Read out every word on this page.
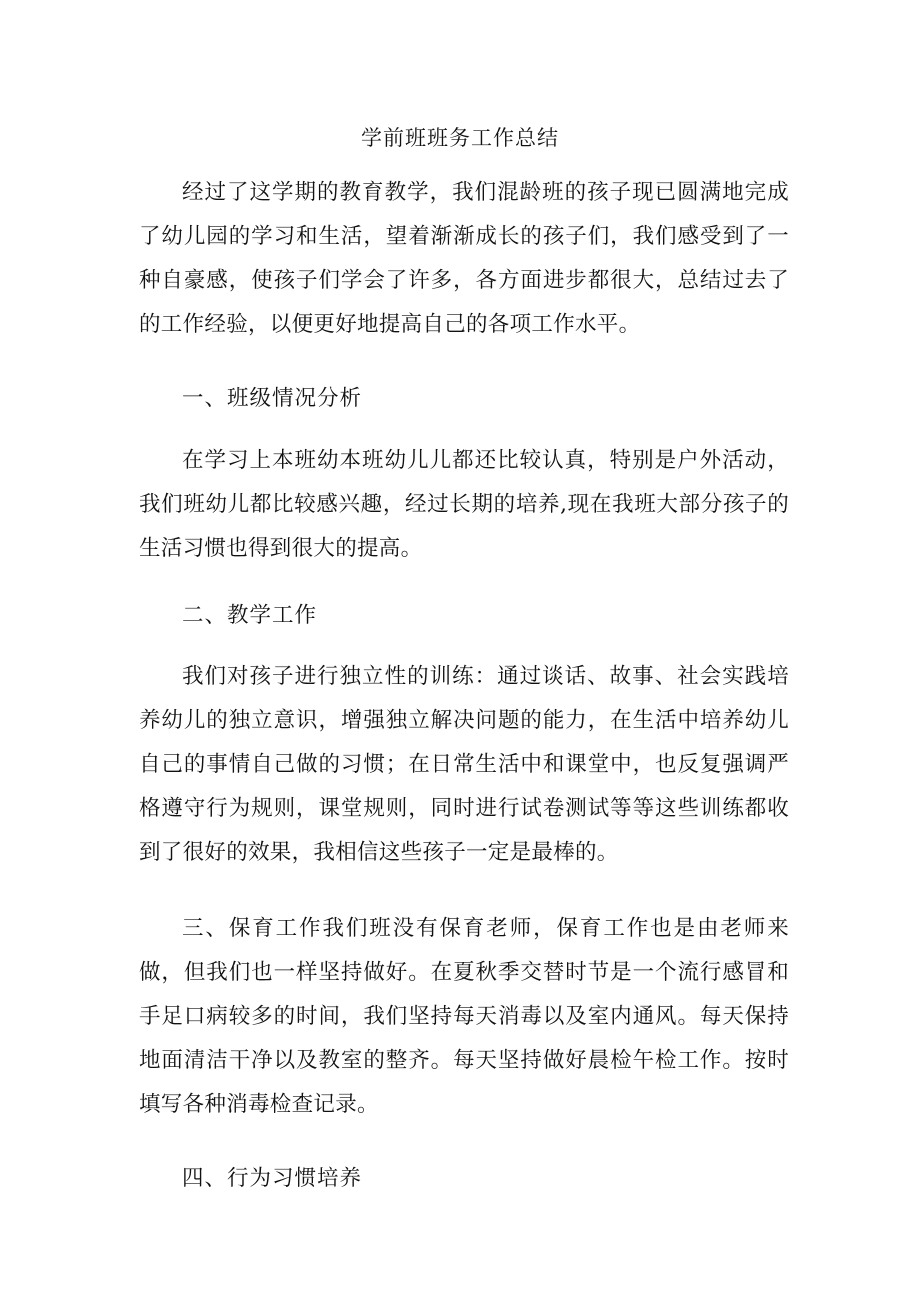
学前班班务工作总结

经过了这学期的教育教学，我们混龄班的孩子现已圆满地完成了幼儿园的学习和生活，望着渐渐成长的孩子们，我们感受到了一种自豪感，使孩子们学会了许多，各方面进步都很大，总结过去了的工作经验，以便更好地提高自己的各项工作水平。

一、班级情况分析

在学习上本班幼本班幼儿儿都还比较认真，特别是户外活动，我们班幼儿都比较感兴趣，经过长期的培养,现在我班大部分孩子的生活习惯也得到很大的提高。

二、教学工作

我们对孩子进行独立性的训练：通过谈话、故事、社会实践培养幼儿的独立意识，增强独立解决问题的能力，在生活中培养幼儿自己的事情自己做的习惯；在日常生活中和课堂中，也反复强调严格遵守行为规则，课堂规则，同时进行试卷测试等等这些训练都收到了很好的效果，我相信这些孩子一定是最棒的。

三、保育工作我们班没有保育老师，保育工作也是由老师来做，但我们也一样坚持做好。在夏秋季交替时节是一个流行感冒和手足口病较多的时间，我们坚持每天消毒以及室内通风。每天保持地面清洁干净以及教室的整齐。每天坚持做好晨检午检工作。按时填写各种消毒检查记录。

四、行为习惯培养
